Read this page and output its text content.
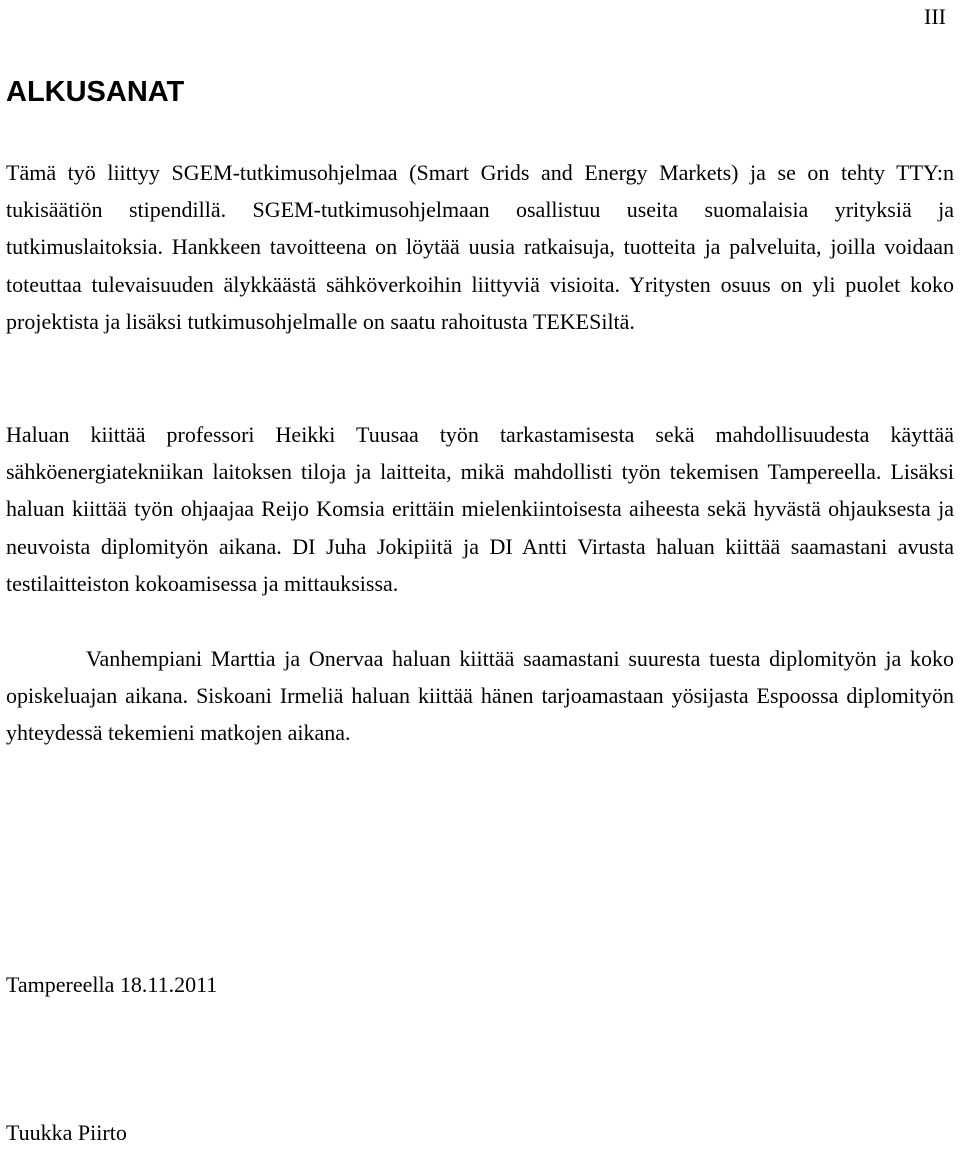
III
ALKUSANAT

Tämä työ liittyy SGEM-tutkimusohjelmaa (Smart Grids and Energy Markets) ja se on tehty TTY:n tukisäätiön stipendillä. SGEM-tutkimusohjelmaan osallistuu useita suomalaisia yrityksiä ja tutkimuslaitoksia. Hankkeen tavoitteena on löytää uusia ratkaisuja, tuotteita ja palveluita, joilla voidaan toteuttaa tulevaisuuden älykkäästä sähköverkoihin liittyviä visioita. Yritysten osuus on yli puolet koko projektista ja lisäksi tutkimusohjelmalle on saatu rahoitusta TEKESiltä.

Haluan kiittää professori Heikki Tuusaa työn tarkastamisesta sekä mahdollisuudesta käyttää sähköenergiatekniikan laitoksen tiloja ja laitteita, mikä mahdollisti työn tekemisen Tampereella. Lisäksi haluan kiittää työn ohjaajaa Reijo Komsia erittäin mielenkiintoisesta aiheesta sekä hyvästä ohjauksesta ja neuvoista diplomityön aikana. DI Juha Jokipiitä ja DI Antti Virtasta haluan kiittää saamastani avusta testilaitteiston kokoamisessa ja mittauksissa.

Vanhempiani Marttia ja Onervaa haluan kiittää saamastani suuresta tuesta diplomityön ja koko opiskeluajan aikana. Siskoani Irmeliä haluan kiittää hänen tarjoamastaan yösijasta Espoossa diplomityön yhteydessä tekemieni matkojen aikana.

Tampereella 18.11.2011

Tuukka Piirto
